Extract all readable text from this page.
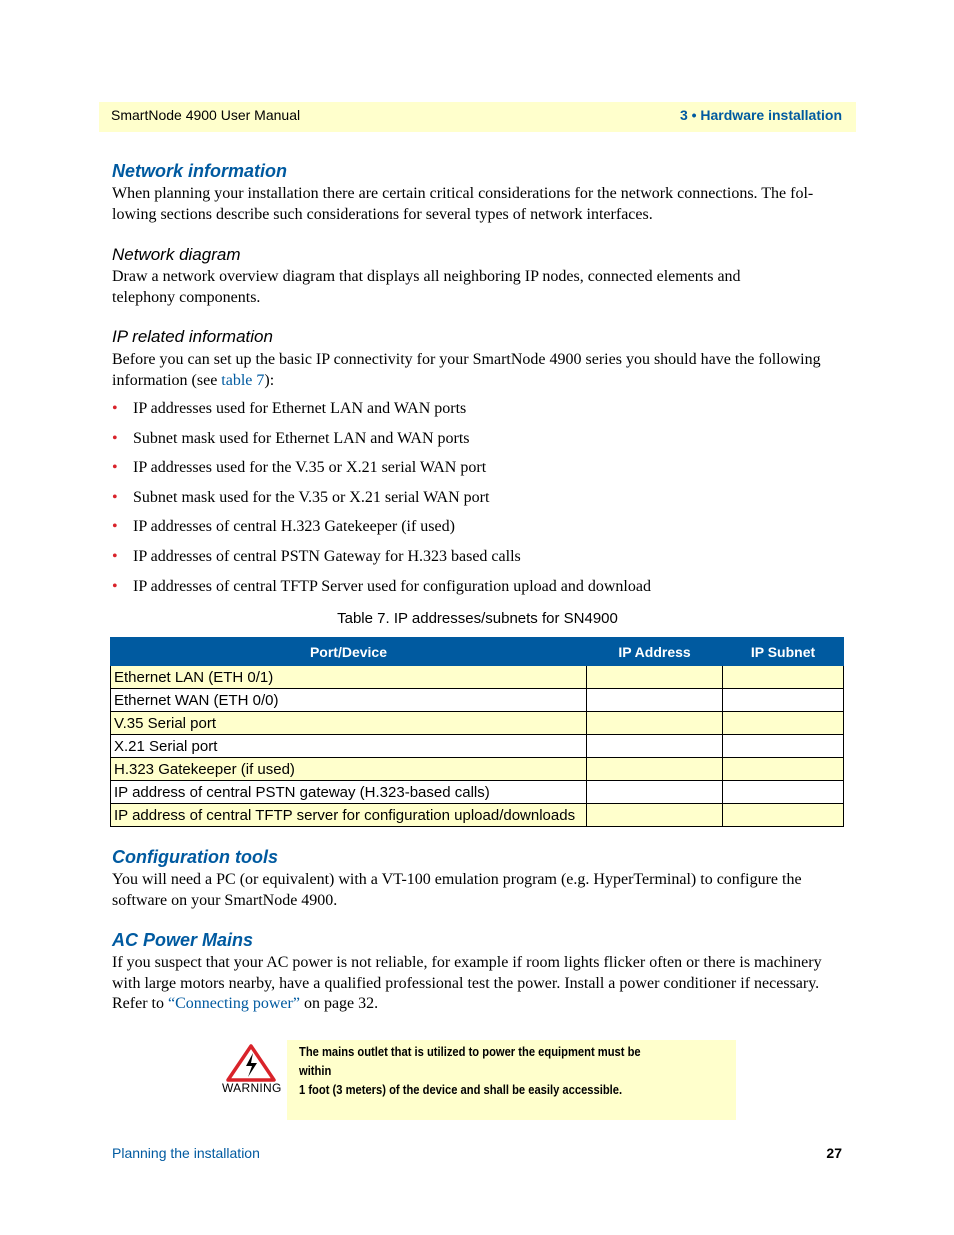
SmartNode 4900 User Manual	3 • Hardware installation
Network information

When planning your installation there are certain critical considerations for the network connections. The fol-lowing sections describe such considerations for several types of network interfaces.

Network diagram

Draw a network overview diagram that displays all neighboring IP nodes, connected elements and telephony components.

IP related information

Before you can set up the basic IP connectivity for your SmartNode 4900 series you should have the following information (see table 7):

• IP addresses used for Ethernet LAN and WAN ports
• Subnet mask used for Ethernet LAN and WAN ports
• IP addresses used for the V.35 or X.21 serial WAN port
• Subnet mask used for the V.35 or X.21 serial WAN port
• IP addresses of central H.323 Gatekeeper (if used)
• IP addresses of central PSTN Gateway for H.323 based calls
• IP addresses of central TFTP Server used for configuration upload and download
Table 7. IP addresses/subnets for SN4900
Port/Device	IP Address	IP Subnet
Ethernet LAN (ETH 0/1)		
Ethernet WAN (ETH 0/0)		
V.35 Serial port		
X.21 Serial port		
H.323 Gatekeeper (if used)		
IP address of central PSTN gateway (H.323-based calls)		
IP address of central TFTP server for configuration upload/downloads		
Configuration tools

You will need a PC (or equivalent) with a VT-100 emulation program (e.g. HyperTerminal) to configure the software on your SmartNode 4900.

AC Power Mains

If you suspect that your AC power is not reliable, for example if room lights flicker often or there is machinery with large motors nearby, have a qualified professional test the power. Install a power conditioner if necessary. Refer to “Connecting power” on page 32.

WARNING
The mains outlet that is utilized to power the equipment must be within
1 foot (3 meters) of the device and shall be easily accessible.
Planning the installation	27
